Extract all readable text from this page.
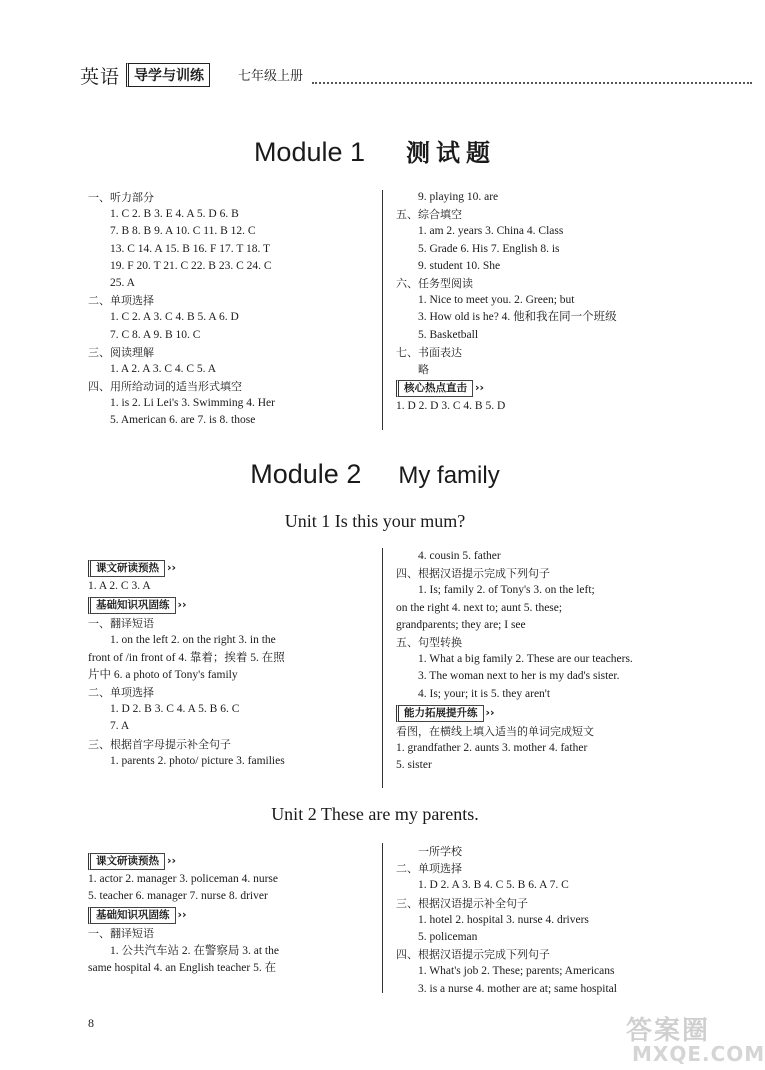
英语 导学与训练	七年级上册
Module 1 测试题
一、听力部分
1. C 2. B 3. E 4. A 5. D 6. B
7. B 8. B 9. A 10. C 11. B 12. C
13. C 14. A 15. B 16. F 17. T 18. T
19. F 20. T 21. C 22. B 23. C 24. C
25. A
二、单项选择
1. C 2. A 3. C 4. B 5. A 6. D
7. C 8. A 9. B 10. C
三、阅读理解
1. A 2. A 3. C 4. C 5. A
四、用所给动词的适当形式填空
1. is 2. Li Lei's 3. Swimming 4. Her
5. American 6. are 7. is 8. those
9. playing 10. are
五、综合填空
1. am 2. years 3. China 4. Class
5. Grade 6. His 7. English 8. is
9. student 10. She
六、任务型阅读
1. Nice to meet you. 2. Green; but
3. How old is he? 4. 他和我在同一个班级
5. Basketball
七、书面表达
略
核心热点直击 ››
1. D 2. D 3. C 4. B 5. D
Module 2 My family
Unit 1 Is this your mum?
课文研读预热 ››
1. A 2. C 3. A
基础知识巩固练 ››
一、翻译短语
1. on the left 2. on the right 3. in the
front of /in front of 4. 靠着；挨着 5. 在照
片中 6. a photo of Tony's family
二、单项选择
1. D 2. B 3. C 4. A 5. B 6. C
7. A
三、根据首字母提示补全句子
1. parents 2. photo/ picture 3. families
4. cousin 5. father
四、根据汉语提示完成下列句子
1. Is; family 2. of Tony's 3. on the left;
on the right 4. next to; aunt 5. these;
grandparents; they are; I see
五、句型转换
1. What a big family 2. These are our teachers.
3. The woman next to her is my dad's sister.
4. Is; your; it is 5. they aren't
能力拓展提升练 ››
看图，在横线上填入适当的单词完成短文
1. grandfather 2. aunts 3. mother 4. father
5. sister
Unit 2 These are my parents.
课文研读预热 ››
1. actor 2. manager 3. policeman 4. nurse
5. teacher 6. manager 7. nurse 8. driver
基础知识巩固练 ››
一、翻译短语
1. 公共汽车站 2. 在警察局 3. at the
same hospital 4. an English teacher 5. 在
一所学校
二、单项选择
1. D 2. A 3. B 4. C 5. B 6. A 7. C
三、根据汉语提示补全句子
1. hotel 2. hospital 3. nurse 4. drivers
5. policeman
四、根据汉语提示完成下列句子
1. What's job 2. These; parents; Americans
3. is a nurse 4. mother are at; same hospital
8	答案圈
MXQE.COM
